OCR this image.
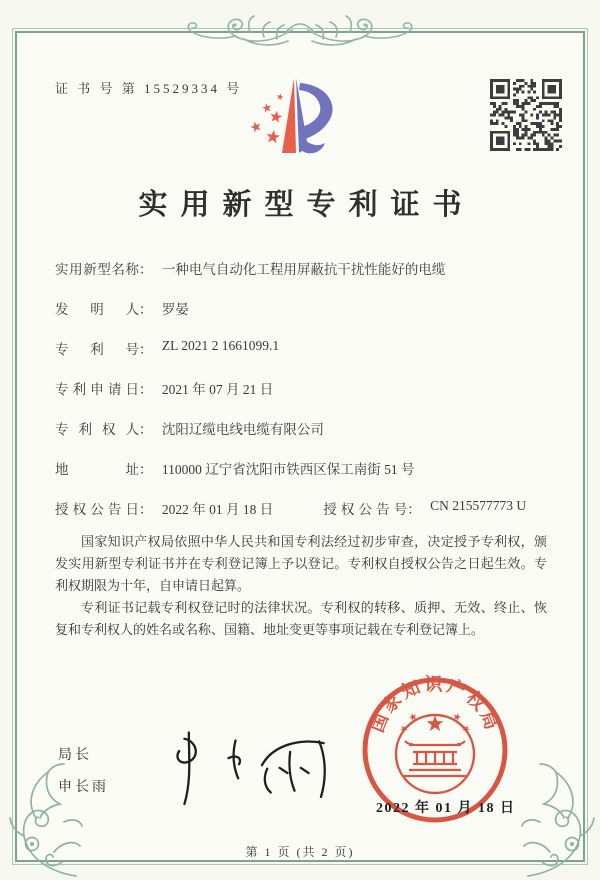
证 书 号 第 15529334 号
实用新型专利证书
实用新型名称： 一种电气自动化工程用屏蔽抗干扰性能好的电缆
发明人： 罗晏
专利号： ZL 2021 2 1661099.1
专利申请日： 2021 年 07 月 21 日
专利权人： 沈阳辽缆电线电缆有限公司
地址： 110000 辽宁省沈阳市铁西区保工南街 51 号
授权公告日： 2022 年 01 月 18 日	授权公告号： CN 215577773 U

国家知识产权局依照中华人民共和国专利法经过初步审查，决定授予专利权，颁发实用新型专利证书并在专利登记簿上予以登记。专利权自授权公告之日起生效。专利权期限为十年，自申请日起算。

专利证书记载专利权登记时的法律状况。专利权的转移、质押、无效、终止、恢复和专利权人的姓名或名称、国籍、地址变更等事项记载在专利登记簿上。

局长
申长雨
国家知识产权局
2022 年 01 月 18 日
第 1 页 (共 2 页)
